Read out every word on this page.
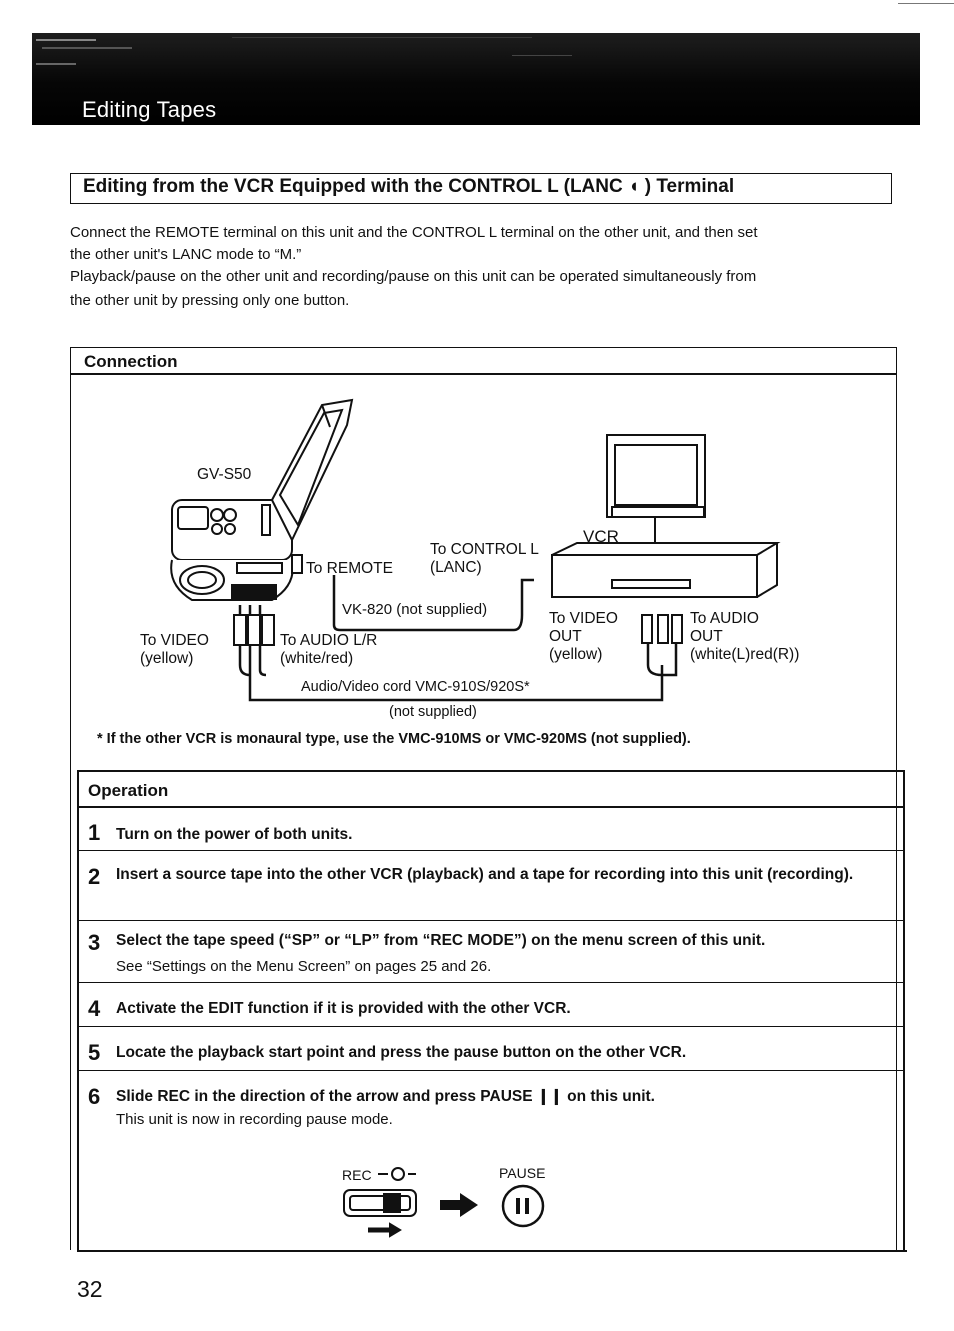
Editing Tapes
Editing from the VCR Equipped with the CONTROL L (LANC ◖ ) Terminal
Connect the REMOTE terminal on this unit and the CONTROL L terminal on the other unit, and then set
the other unit's LANC mode to “M.”
Playback/pause on the other unit and recording/pause on this unit can be operated simultaneously from
the other unit by pressing only one button.
Connection
GV-S50
VCR
To REMOTE
To CONTROL L
(LANC)
VK-820 (not supplied)
To VIDEO
(yellow)
To AUDIO L/R
(white/red)
To VIDEO
OUT
(yellow)
To AUDIO
OUT
(white(L)red(R))
Audio/Video cord VMC-910S/920S*
(not supplied)
* If the other VCR is monaural type, use the VMC-910MS or VMC-920MS (not supplied).
Operation
1 Turn on the power of both units.
2 Insert a source tape into the other VCR (playback) and a tape for recording into this unit (recording).
3 Select the tape speed (“SP” or “LP” from “REC MODE”) on the menu screen of this unit.
See “Settings on the Menu Screen” on pages 25 and 26.
4 Activate the EDIT function if it is provided with the other VCR.
5 Locate the playback start point and press the pause button on the other VCR.
6 Slide REC in the direction of the arrow and press PAUSE ❙❙ on this unit.
This unit is now in recording pause mode.
REC	PAUSE
32
